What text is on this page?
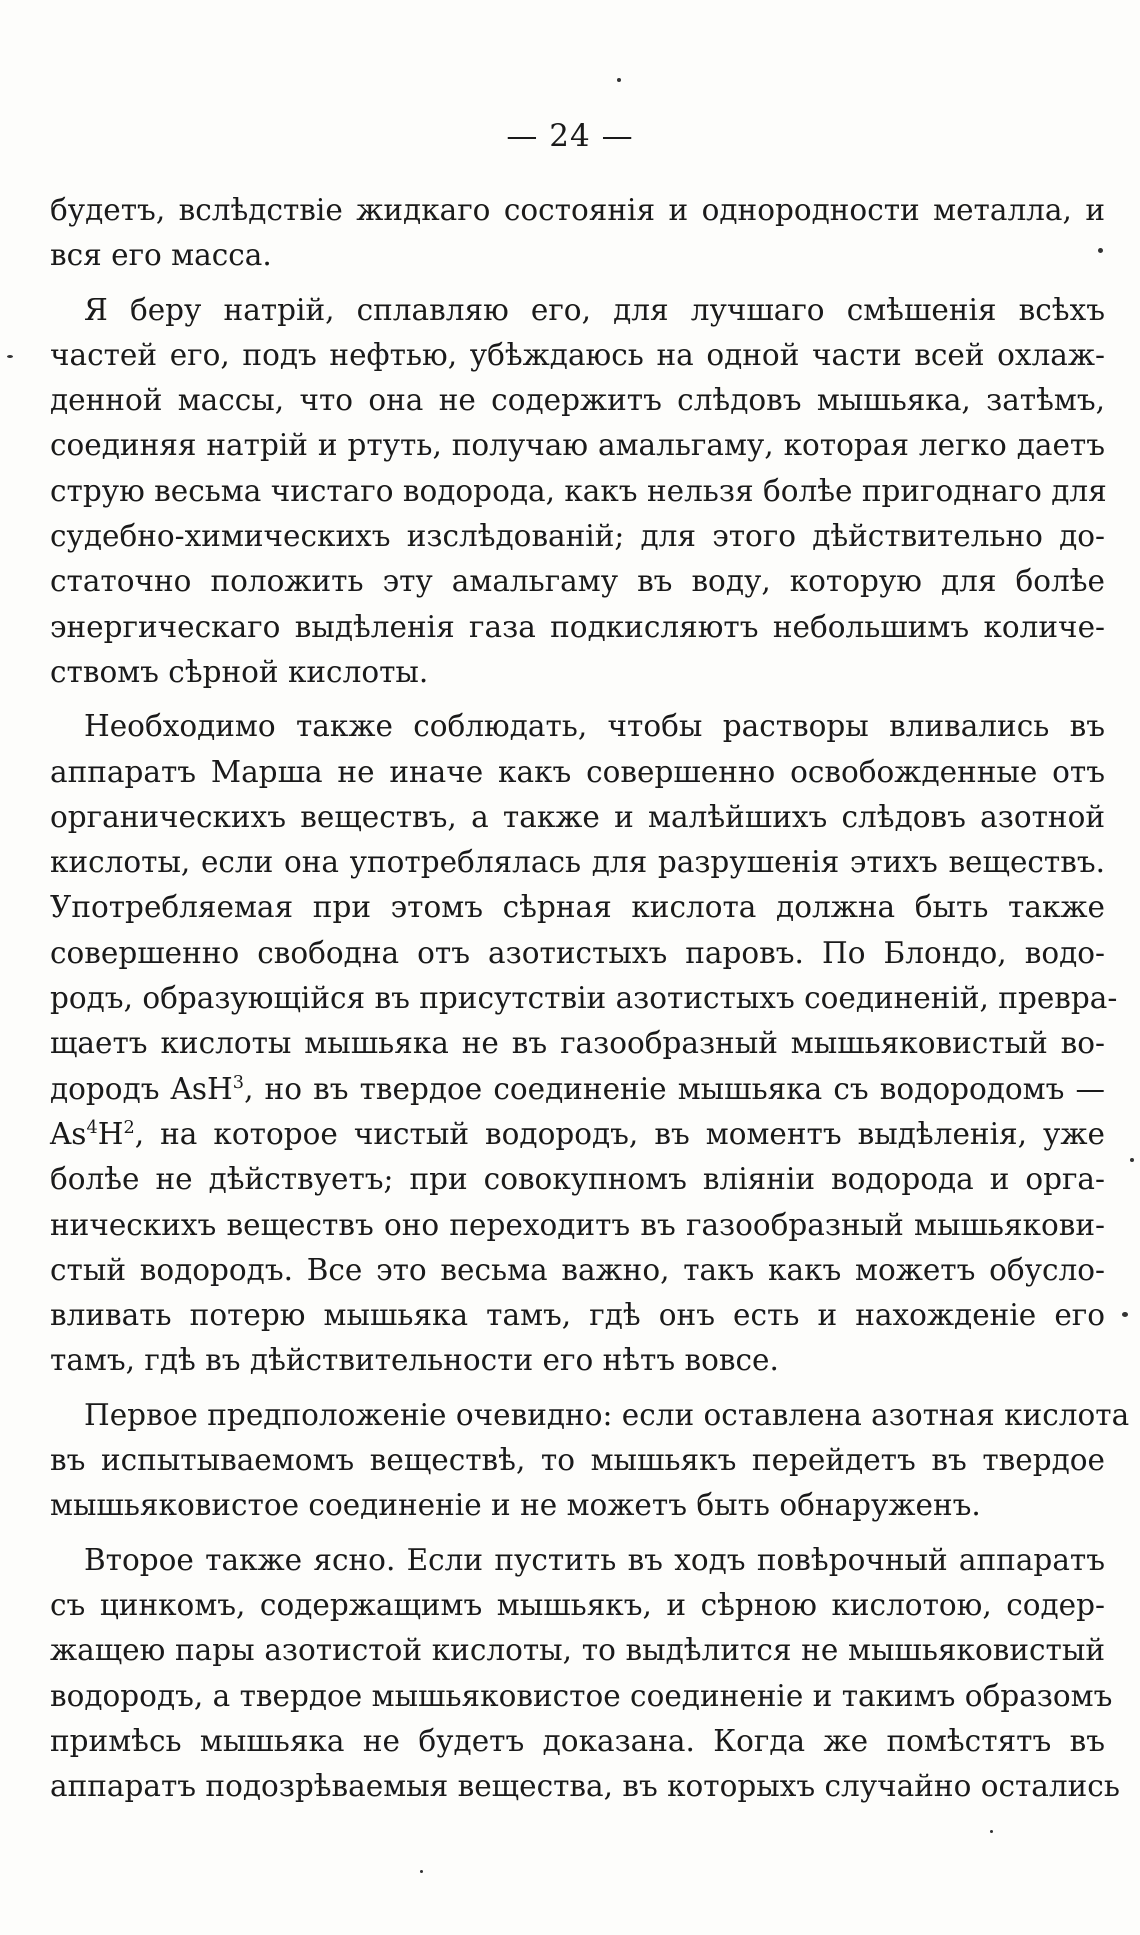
— 24 —
будетъ, вслѣдствіе жидкаго состоянія и однородности металла, и
вся его масса.
Я беру натрій, сплавляю его, для лучшаго смѣшенія всѣхъ
частей его, подъ нефтью, убѣждаюсь на одной части всей охлаж-
денной массы, что она не содержитъ слѣдовъ мышьяка, затѣмъ,
соединяя натрій и ртуть, получаю амальгаму, которая легко даетъ
струю весьма чистаго водорода, какъ нельзя болѣе пригоднаго для
судебно-химическихъ изслѣдованій; для этого дѣйствительно до-
статочно положить эту амальгаму въ воду, которую для болѣе
энергическаго выдѣленія газа подкисляютъ небольшимъ количе-
ствомъ сѣрной кислоты.
Необходимо также соблюдать, чтобы растворы вливались въ
аппаратъ Марша не иначе какъ совершенно освобожденные отъ
органическихъ веществъ, а также и малѣйшихъ слѣдовъ азотной
кислоты, если она употреблялась для разрушенія этихъ веществъ.
Употребляемая при этомъ сѣрная кислота должна быть также
совершенно свободна отъ азотистыхъ паровъ. По Блондо, водо-
родъ, образующійся въ присутствіи азотистыхъ соединеній, превра-
щаетъ кислоты мышьяка не въ газообразный мышьяковистый во-
дородъ AsH$^3$, но въ твердое соединеніе мышьяка съ водородомъ —
$As^4H^2$, на которое чистый водородъ, въ моментъ выдѣленія, уже
болѣе не дѣйствуетъ; при совокупномъ вліяніи водорода и орга-
ническихъ веществъ оно переходитъ въ газообразный мышьякови-
стый водородъ. Все это весьма важно, такъ какъ можетъ обусло-
вливать потерю мышьяка тамъ, гдѣ онъ есть и нахожденіе его
тамъ, гдѣ въ дѣйствительности его нѣтъ вовсе.
Первое предположеніе очевидно: если оставлена азотная кислота
въ испытываемомъ веществѣ, то мышьякъ перейдетъ въ твердое
мышьяковистое соединеніе и не можетъ быть обнаруженъ.
Второе также ясно. Если пустить въ ходъ повѣрочный аппаратъ
съ цинкомъ, содержащимъ мышьякъ, и сѣрною кислотою, содер-
жащею пары азотистой кислоты, то выдѣлится не мышьяковистый
водородъ, а твердое мышьяковистое соединеніе и такимъ образомъ
примѣсь мышьяка не будетъ доказана. Когда же помѣстятъ въ
аппаратъ подозрѣваемыя вещества, въ которыхъ случайно остались
